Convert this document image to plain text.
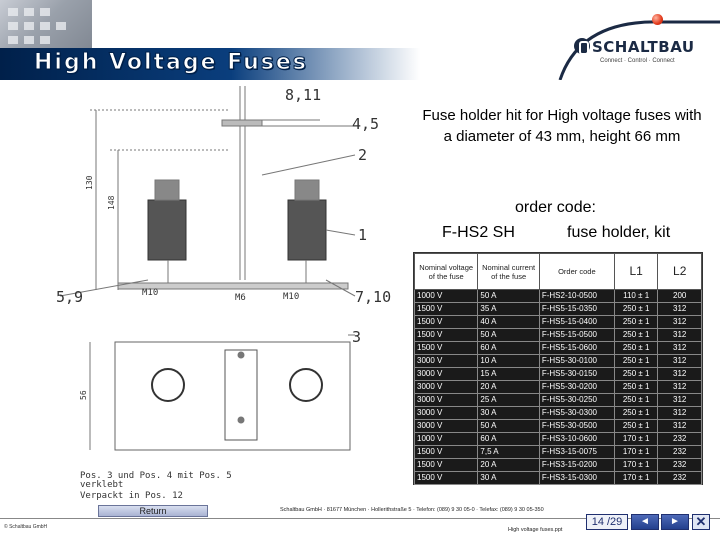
High Voltage Fuses
SCHALTBAU
Connect · Control · Connect
8,11
4,5
2
1
3
5,9	7,10
M10	M6	M10
130
148
56
Pos. 3 und Pos. 4 mit Pos. 5
verklebt
Verpackt in Pos. 12
Fuse holder hit for High voltage fuses with a diameter of 43 mm, height 66 mm
order code:
F-HS2 SH	fuse holder, kit
Nominal voltage of the fuse	Nominal current of the fuse	Order code	L1	L2
1000 V	50 A	F-HS2-10-0500	110 ± 1	200
1500 V	35 A	F-HS5-15-0350	250 ± 1	312
1500 V	40 A	F-HS5-15-0400	250 ± 1	312
1500 V	50 A	F-HS5-15-0500	250 ± 1	312
1500 V	60 A	F-HS5-15-0600	250 ± 1	312
3000 V	10 A	F-HS5-30-0100	250 ± 1	312
3000 V	15 A	F-HS5-30-0150	250 ± 1	312
3000 V	20 A	F-HS5-30-0200	250 ± 1	312
3000 V	25 A	F-HS5-30-0250	250 ± 1	312
3000 V	30 A	F-HS5-30-0300	250 ± 1	312
3000 V	50 A	F-HS5-30-0500	250 ± 1	312
1000 V	60 A	F-HS3-10-0600	170 ± 1	232
1500 V	7,5 A	F-HS3-15-0075	170 ± 1	232
1500 V	20 A	F-HS3-15-0200	170 ± 1	232
1500 V	30 A	F-HS3-15-0300	170 ± 1	232
Return
© Schaltbau GmbH
Schaltbau GmbH · 81677 München · Hollerithstraße 5 · Telefon: (089) 9 30 05-0 · Telefax: (089) 9 30 05-350
High voltage fuses.ppt
14 /29	◄	►	✕
